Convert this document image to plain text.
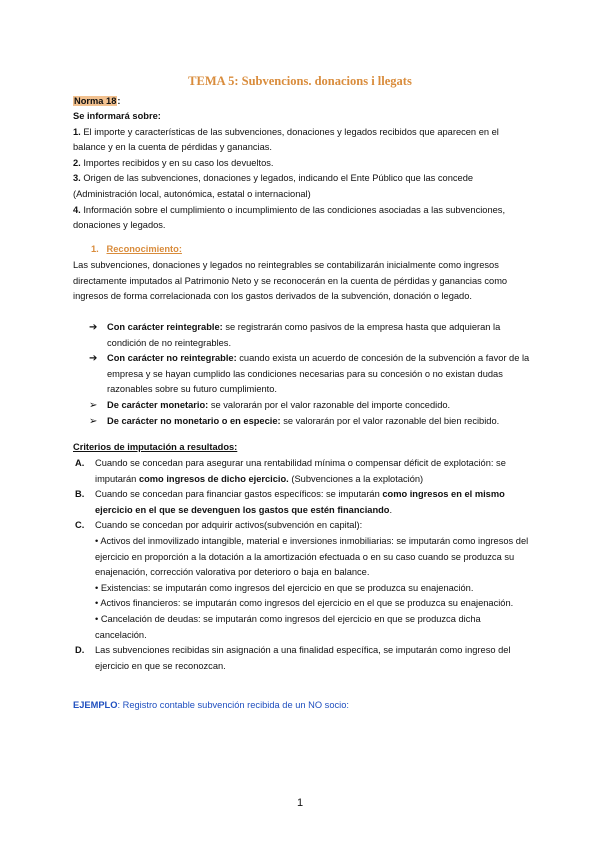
TEMA 5: Subvencions. donacions i llegats
Norma 18:
Se informará sobre:
1. El importe y características de las subvenciones, donaciones y legados recibidos que aparecen en el balance y en la cuenta de pérdidas y ganancias.
2. Importes recibidos y en su caso los devueltos.
3. Origen de las subvenciones, donaciones y legados, indicando el Ente Público que las concede (Administración local, autonómica, estatal o internacional)
4. Información sobre el cumplimiento o incumplimiento de las condiciones asociadas a las subvenciones, donaciones y legados.
1. Reconocimiento:
Las subvenciones, donaciones y legados no reintegrables se contabilizarán inicialmente como ingresos directamente imputados al Patrimonio Neto y se reconocerán en la cuenta de pérdidas y ganancias como ingresos de forma correlacionada con los gastos derivados de la subvención, donación o legado.
➔ Con carácter reintegrable: se registrarán como pasivos de la empresa hasta que adquieran la condición de no reintegrables.
➔ Con carácter no reintegrable: cuando exista un acuerdo de concesión de la subvención a favor de la empresa y se hayan cumplido las condiciones necesarias para su concesión o no existan dudas razonables sobre su futuro cumplimiento.
➢ De carácter monetario: se valorarán por el valor razonable del importe concedido.
➢ De carácter no monetario o en especie: se valorarán por el valor razonable del bien recibido.
Criterios de imputación a resultados:
A. Cuando se concedan para asegurar una rentabilidad mínima o compensar déficit de explotación: se imputarán como ingresos de dicho ejercicio. (Subvenciones a la explotación)
B. Cuando se concedan para financiar gastos específicos: se imputarán como ingresos en el mismo ejercicio en el que se devenguen los gastos que estén financiando.
C. Cuando se concedan por adquirir activos(subvención en capital):
• Activos del inmovilizado intangible, material e inversiones inmobiliarias: se imputarán como ingresos del ejercicio en proporción a la dotación a la amortización efectuada o en su caso cuando se produzca su enajenación, corrección valorativa por deterioro o baja en balance.
• Existencias: se imputarán como ingresos del ejercicio en que se produzca su enajenación.
• Activos financieros: se imputarán como ingresos del ejercicio en el que se produzca su enajenación.
• Cancelación de deudas: se imputarán como ingresos del ejercicio en que se produzca dicha cancelación.
D. Las subvenciones recibidas sin asignación a una finalidad específica, se imputarán como ingreso del ejercicio en que se reconozcan.
EJEMPLO: Registro contable subvención recibida de un NO socio:
1
